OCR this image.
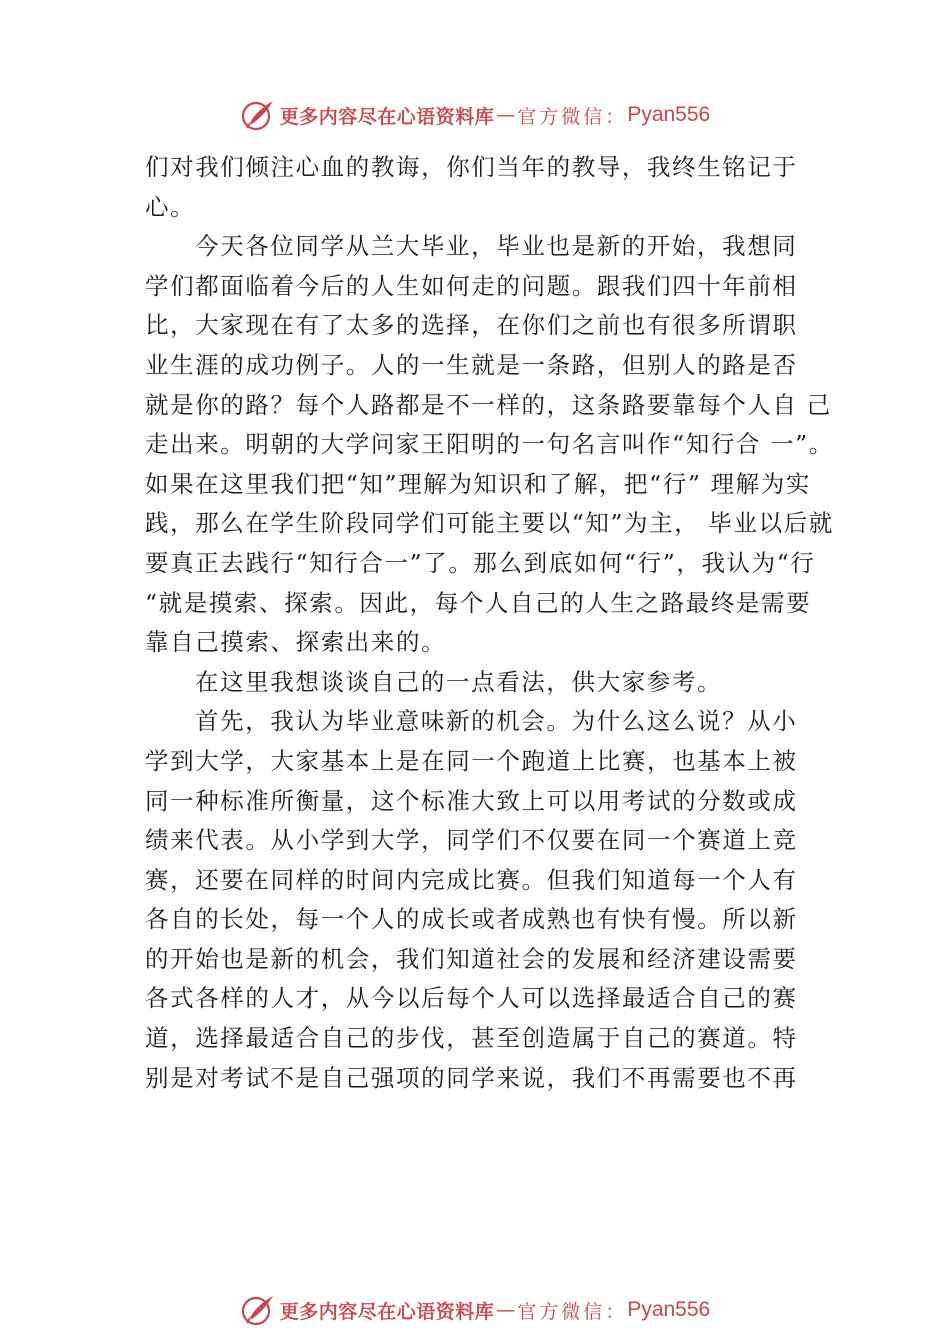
更多内容尽在心语资料库 — 官方微信： Pyan556
们对我们倾注心血的教诲，你们当年的教导，我终生铭记于
心。
今天各位同学从兰大毕业，毕业也是新的开始，我想同
学们都面临着今后的人生如何走的问题。跟我们四十年前相
比，大家现在有了太多的选择，在你们之前也有很多所谓职
业生涯的成功例子。人的一生就是一条路，但别人的路是否
就是你的路？每个人路都是不一样的，这条路要靠每个人自 己
走出来。明朝的大学问家王阳明的一句名言叫作“知行合 一”。
如果在这里我们把“知”理解为知识和了解，把“行” 理解为实
践，那么在学生阶段同学们可能主要以“知”为主， 毕业以后就
要真正去践行“知行合一”了。那么到底如何“行”，我认为“行
“就是摸索、探索。因此，每个人自己的人生之路最终是需要
靠自己摸索、探索出来的。
在这里我想谈谈自己的一点看法，供大家参考。
首先，我认为毕业意味新的机会。为什么这么说？从小
学到大学，大家基本上是在同一个跑道上比赛，也基本上被
同一种标准所衡量，这个标准大致上可以用考试的分数或成
绩来代表。从小学到大学，同学们不仅要在同一个赛道上竞
赛，还要在同样的时间内完成比赛。但我们知道每一个人有
各自的长处，每一个人的成长或者成熟也有快有慢。所以新
的开始也是新的机会，我们知道社会的发展和经济建设需要
各式各样的人才，从今以后每个人可以选择最适合自己的赛
道，选择最适合自己的步伐，甚至创造属于自己的赛道。特
别是对考试不是自己强项的同学来说，我们不再需要也不再
更多内容尽在心语资料库 — 官方微信： Pyan556
